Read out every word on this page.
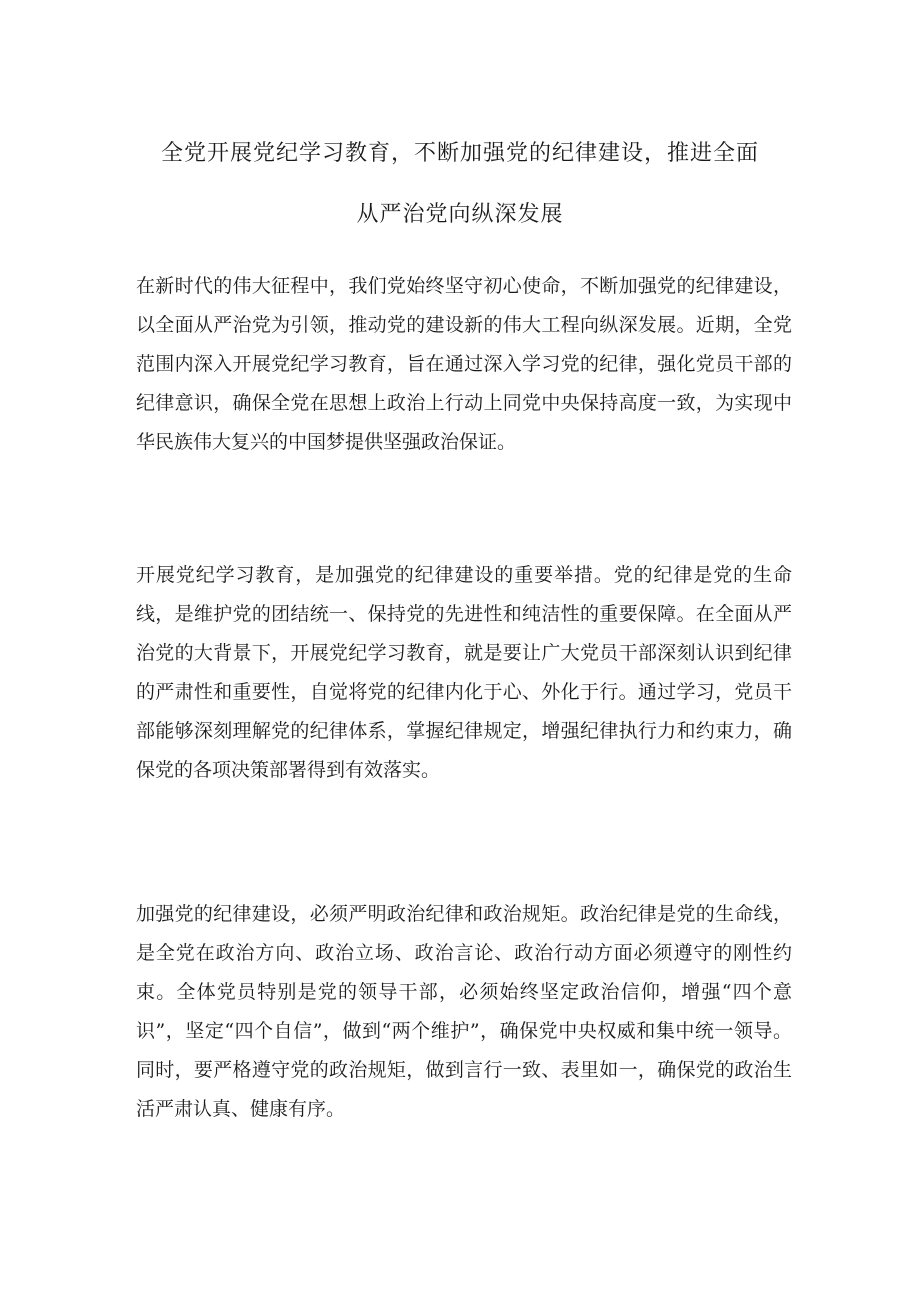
全党开展党纪学习教育，不断加强党的纪律建设，推进全面
从严治党向纵深发展
在新时代的伟大征程中，我们党始终坚守初心使命，不断加强党的纪律建设，以全面从严治党为引领，推动党的建设新的伟大工程向纵深发展。近期，全党范围内深入开展党纪学习教育，旨在通过深入学习党的纪律，强化党员干部的纪律意识，确保全党在思想上政治上行动上同党中央保持高度一致，为实现中华民族伟大复兴的中国梦提供坚强政治保证。
开展党纪学习教育，是加强党的纪律建设的重要举措。党的纪律是党的生命线，是维护党的团结统一、保持党的先进性和纯洁性的重要保障。在全面从严治党的大背景下，开展党纪学习教育，就是要让广大党员干部深刻认识到纪律的严肃性和重要性，自觉将党的纪律内化于心、外化于行。通过学习，党员干部能够深刻理解党的纪律体系，掌握纪律规定，增强纪律执行力和约束力，确保党的各项决策部署得到有效落实。
加强党的纪律建设，必须严明政治纪律和政治规矩。政治纪律是党的生命线，是全党在政治方向、政治立场、政治言论、政治行动方面必须遵守的刚性约束。全体党员特别是党的领导干部，必须始终坚定政治信仰，增强“四个意识”，坚定“四个自信”，做到“两个维护”，确保党中央权威和集中统一领导。同时，要严格遵守党的政治规矩，做到言行一致、表里如一，确保党的政治生活严肃认真、健康有序。
